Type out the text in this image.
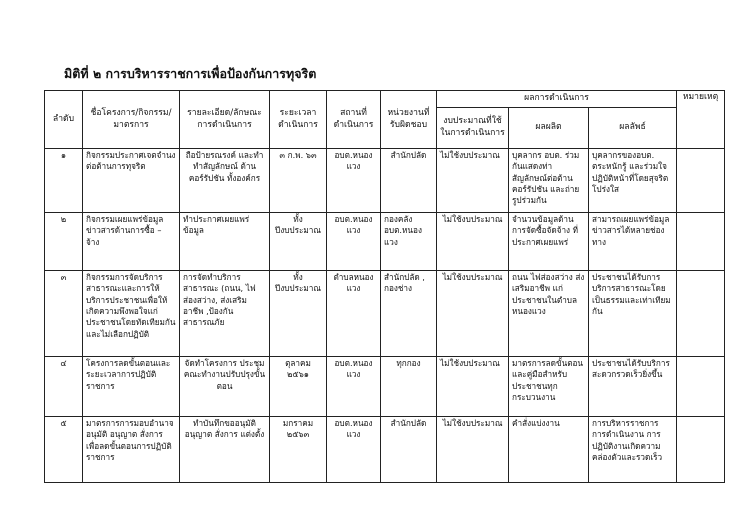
มิติที่ ๒ การบริหารราชการเพื่อป้องกันการทุจริต
ลำดับ	ชื่อโครงการ/กิจกรรม/มาตรการ	รายละเอียด/ลักษณะการดำเนินการ	ระยะเวลาดำเนินการ	สถานที่ดำเนินการ	หน่วยงานที่รับผิดชอบ	ผลการดำเนินการ			หมายเหตุ
						งบประมาณที่ใช้ในการดำเนินการ	ผลผลิต	ผลลัพธ์	
๑	กิจกรรมประกาศเจตจำนงต่อต้านการทุจริต	ถือป้ายรณรงค์ และทำทำสัญลักษณ์ ต้านคอร์รัปชัน ทั้งองค์กร	๓ ก.พ. ๖๓	อบต.หนองแวง	สำนักปลัด	ไม่ใช้งบประมาณ	บุคลากร อบต. ร่วมกันแสดงท่าสัญลักษณ์ต่อต้านคอร์รัปชัน และถ่ายรูปร่วมกัน	บุคลากรของอบต. ตระหนักรู้ และร่วมใจปฏิบัติหน้าที่โดยสุจริตโปร่งใส	
๒	กิจกรรมเผยแพร่ข้อมูลข่าวสารด้านการซื้อ – จ้าง	ทำประกาศเผยแพร่ข้อมูล	ทั้งปีงบประมาณ	อบต.หนองแวง	กองคลัง อบต.หนองแวง	ไม่ใช้งบประมาณ	จำนวนข้อมูลด้านการจัดซื้อจัดจ้าง ที่ประกาศเผยแพร่	สามารถเผยแพร่ข้อมูลข่าวสารได้หลายช่องทาง	
๓	กิจกรรมการจัดบริการสาธารณะและการให้บริการประชาชนเพื่อให้เกิดความพึงพอใจแก่ประชาชนโดยทัดเทียมกันและไม่เลือกปฏิบัติ	การจัดทำบริการสาธารณะ (ถนน, ไฟส่องสว่าง, ส่งเสริมอาชีพ ,ป้องกันสาธารณภัย	ทั้งปีงบประมาณ	ตำบลหนองแวง	สำนักปลัด , กองช่าง	ไม่ใช้งบประมาณ	ถนน ไฟส่องสว่าง ส่งเสริมอาชีพ แก่ประชาชนในตำบลหนองแวง	ประชาชนได้รับการบริการสาธารณะโดยเป็นธรรมและเท่าเทียมกัน	
๔	โครงการลดขั้นตอนและระยะเวลาการปฏิบัติราชการ	จัดทำโครงการ ประชุมคณะทำงานปรับปรุงขั้นตอน	ตุลาคม ๒๕๖๑	อบต.หนองแวง	ทุกกอง	ไม่ใช้งบประมาณ	มาตรการลดขั้นตอน และคู่มือสำหรับประชาชนทุกกระบวนงาน	ประชาชนได้รับบริการสะดวกรวดเร็วยิ่งขึ้น	
๕	มาตรการการมอบอำนาจ อนุมัติ อนุญาต สั่งการ เพื่อลดขั้นตอนการปฏิบัติราชการ	ทำบันทึกขออนุมัติ อนุญาต สั่งการ แต่งตั้ง	มกราคม ๒๕๖๓	อบต.หนองแวง	สำนักปลัด	ไม่ใช้งบประมาณ	คำสั่งแบ่งงาน	การบริหารราชการ การดำเนินงาน การปฏิบัติงานเกิดความคล่องตัวและรวดเร็ว	
